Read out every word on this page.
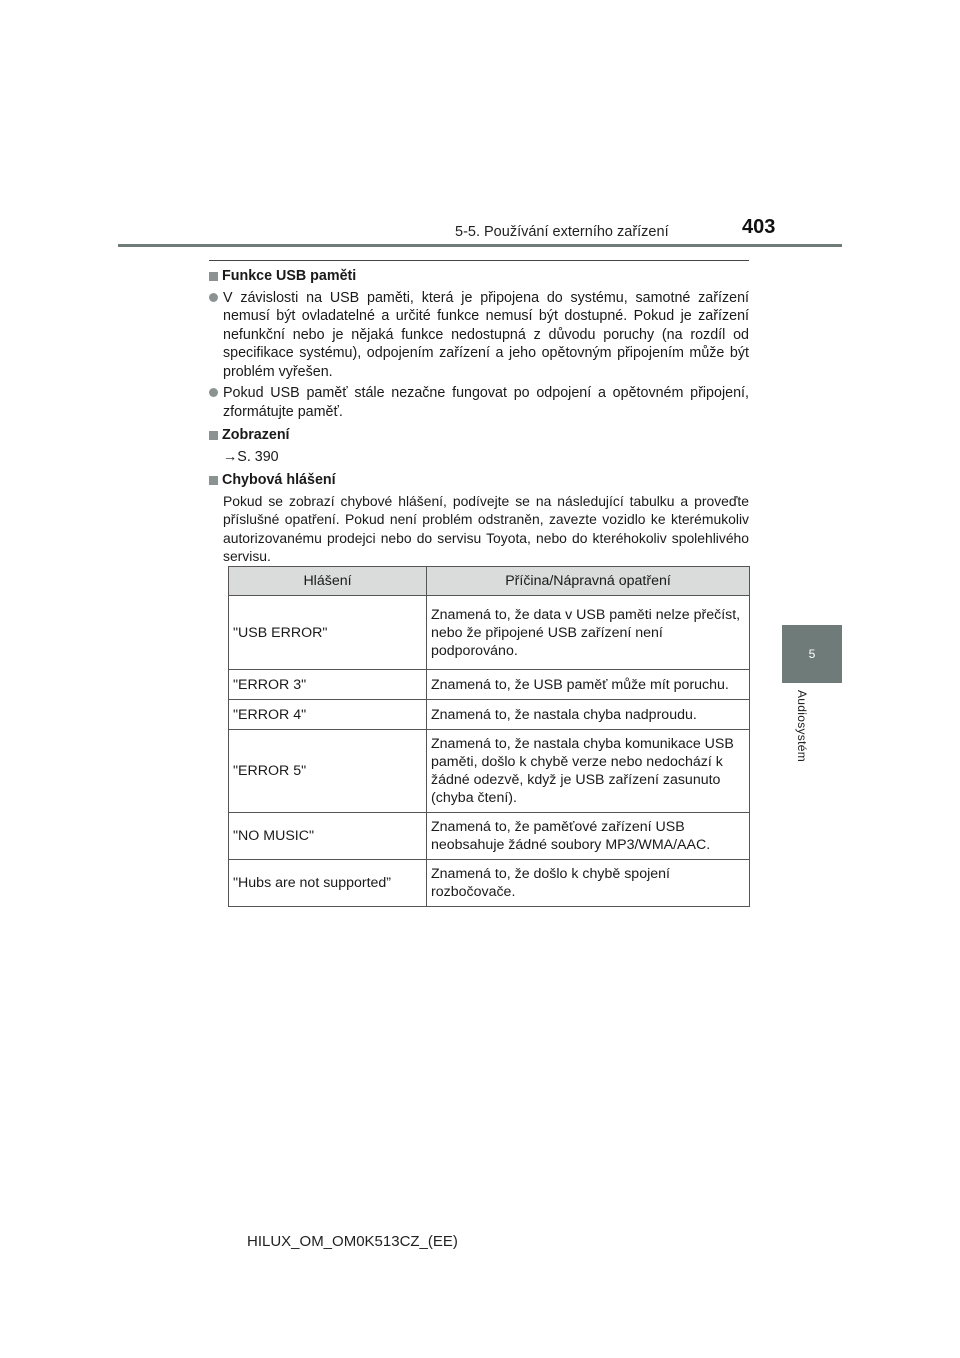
5-5. Používání externího zařízení	403
5
Audiosystém
Funkce USB paměti
V závislosti na USB paměti, která je připojena do systému, samotné zařízení nemusí být ovladatelné a určité funkce nemusí být dostupné. Pokud je zařízení nefunkční nebo je nějaká funkce nedostupná z důvodu poruchy (na rozdíl od specifikace systému), odpojením zařízení a jeho opětovným připojením může být problém vyřešen.
Pokud USB paměť stále nezačne fungovat po odpojení a opětovném připojení, zformátujte paměť.
Zobrazení
→S. 390
Chybová hlášení
Pokud se zobrazí chybové hlášení, podívejte se na následující tabulku a proveďte příslušné opatření. Pokud není problém odstraněn, zavezte vozidlo ke kterémukoliv autorizovanému prodejci nebo do servisu Toyota, nebo do kteréhokoliv spolehlivého servisu.
Hlášení	Příčina/Nápravná opatření
"USB ERROR"	Znamená to, že data v USB paměti nelze přečíst, nebo že připojené USB zařízení není podporováno.
"ERROR 3"	Znamená to, že USB paměť může mít poruchu.
"ERROR 4"	Znamená to, že nastala chyba nadproudu.
"ERROR 5"	Znamená to, že nastala chyba komunikace USB paměti, došlo k chybě verze nebo nedochází k žádné odezvě, když je USB zařízení zasunuto (chyba čtení).
"NO MUSIC"	Znamená to, že paměťové zařízení USB neobsahuje žádné soubory MP3/WMA/AAC.
"Hubs are not supported”	Znamená to, že došlo k chybě spojení rozbočovače.
HILUX_OM_OM0K513CZ_(EE)
